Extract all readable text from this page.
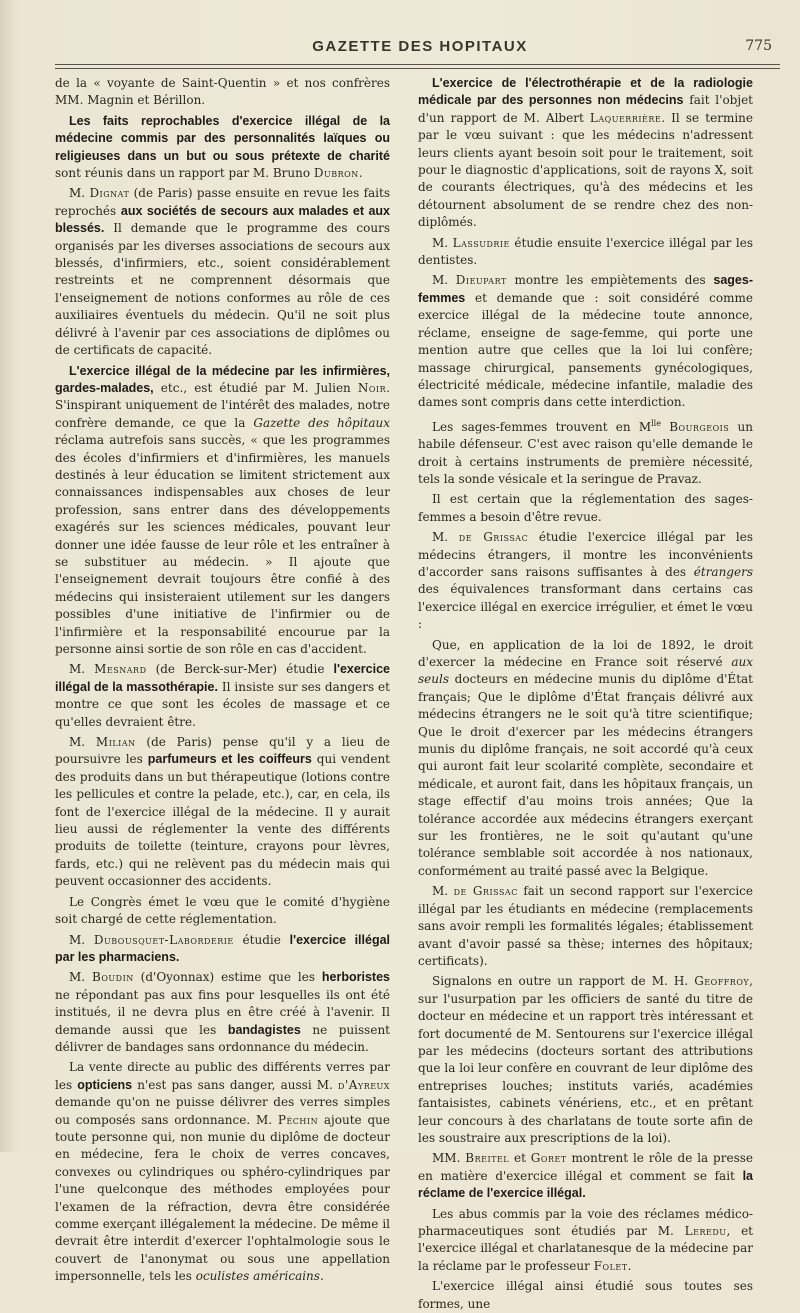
GAZETTE DES HOPITAUX	775

de la « voyante de Saint-Quentin » et nos confrères MM. Magnin et Bérillon.

Les faits reprochables d'exercice illégal de la médecine commis par des personnalités laïques ou religieuses dans un but ou sous prétexte de charité sont réunis dans un rapport par M. Bruno Dubron.

M. Dignat (de Paris) passe ensuite en revue les faits reprochés aux sociétés de secours aux malades et aux blessés. Il demande que le programme des cours organisés par les diverses associations de secours aux blessés, d'infirmiers, etc., soient considérablement restreints et ne comprennent désormais que l'enseignement de notions conformes au rôle de ces auxiliaires éventuels du médecin. Qu'il ne soit plus délivré à l'avenir par ces associations de diplômes ou de certificats de capacité.

L'exercice illégal de la médecine par les infirmières, gardes-malades, etc., est étudié par M. Julien Noir. S'inspirant uniquement de l'intérêt des malades, notre confrère demande, ce que la Gazette des hôpitaux réclama autrefois sans succès, « que les programmes des écoles d'infirmiers et d'infirmières, les manuels destinés à leur éducation se limitent strictement aux connaissances indispensables aux choses de leur profession, sans entrer dans des développements exagérés sur les sciences médicales, pouvant leur donner une idée fausse de leur rôle et les entraîner à se substituer au médecin. » Il ajoute que l'enseignement devrait toujours être confié à des médecins qui insisteraient utilement sur les dangers possibles d'une initiative de l'infirmier ou de l'infirmière et la responsabilité encourue par la personne ainsi sortie de son rôle en cas d'accident.

M. Mesnard (de Berck-sur-Mer) étudie l'exercice illégal de la massothérapie. Il insiste sur ses dangers et montre ce que sont les écoles de massage et ce qu'elles devraient être.

M. Milian (de Paris) pense qu'il y a lieu de poursuivre les parfumeurs et les coiffeurs qui vendent des produits dans un but thérapeutique (lotions contre les pellicules et contre la pelade, etc.), car, en cela, ils font de l'exercice illégal de la médecine. Il y aurait lieu aussi de réglementer la vente des différents produits de toilette (teinture, crayons pour lèvres, fards, etc.) qui ne relèvent pas du médecin mais qui peuvent occasionner des accidents.

Le Congrès émet le vœu que le comité d'hygiène soit chargé de cette réglementation.

M. Dubousquet-Laborderie étudie l'exercice illégal par les pharmaciens.

M. Boudin (d'Oyonnax) estime que les herboristes ne répondant pas aux fins pour lesquelles ils ont été institués, il ne devra plus en être créé à l'avenir. Il demande aussi que les bandagistes ne puissent délivrer de bandages sans ordonnance du médecin.

La vente directe au public des différents verres par les opticiens n'est pas sans danger, aussi M. d'Ayreux demande qu'on ne puisse délivrer des verres simples ou composés sans ordonnance. M. Péchin ajoute que toute personne qui, non munie du diplôme de docteur en médecine, fera le choix de verres concaves, convexes ou cylindriques ou sphéro-cylindriques par l'une quelconque des méthodes employées pour l'examen de la réfraction, devra être considérée comme exerçant illégalement la médecine. De même il devrait être interdit d'exercer l'ophtalmologie sous le couvert de l'anonymat ou sous une appellation impersonnelle, tels les oculistes américains.

L'exercice de l'électrothérapie et de la radiologie médicale par des personnes non médecins fait l'objet d'un rapport de M. Albert Laquerrière. Il se termine par le vœu suivant : que les médecins n'adressent leurs clients ayant besoin soit pour le traitement, soit pour le diagnostic d'applications, soit de rayons X, soit de courants électriques, qu'à des médecins et les détournent absolument de se rendre chez des non-diplômés.

M. Lassudrie étudie ensuite l'exercice illégal par les dentistes.

M. Dieupart montre les empiètements des sages-femmes et demande que : soit considéré comme exercice illégal de la médecine toute annonce, réclame, enseigne de sage-femme, qui porte une mention autre que celles que la loi lui confère; massage chirurgical, pansements gynécologiques, électricité médicale, médecine infantile, maladie des dames sont compris dans cette interdiction.

Les sages-femmes trouvent en $M^{lle}$ Bourgeois un habile défenseur. C'est avec raison qu'elle demande le droit à certains instruments de première nécessité, tels la sonde vésicale et la seringue de Pravaz.

Il est certain que la réglementation des sages-femmes a besoin d'être revue.

M. de Grissac étudie l'exercice illégal par les médecins étrangers, il montre les inconvénients d'accorder sans raisons suffisantes à des étrangers des équivalences transformant dans certains cas l'exercice illégal en exercice irrégulier, et émet le vœu :

Que, en application de la loi de 1892, le droit d'exercer la médecine en France soit réservé aux seuls docteurs en médecine munis du diplôme d'État français; Que le diplôme d'État français délivré aux médecins étrangers ne le soit qu'à titre scientifique; Que le droit d'exercer par les médecins étrangers munis du diplôme français, ne soit accordé qu'à ceux qui auront fait leur scolarité complète, secondaire et médicale, et auront fait, dans les hôpitaux français, un stage effectif d'au moins trois années; Que la tolérance accordée aux médecins étrangers exerçant sur les frontières, ne le soit qu'autant qu'une tolérance semblable soit accordée à nos nationaux, conformément au traité passé avec la Belgique.

M. de Grissac fait un second rapport sur l'exercice illégal par les étudiants en médecine (remplacements sans avoir rempli les formalités légales; établissement avant d'avoir passé sa thèse; internes des hôpitaux; certificats).

Signalons en outre un rapport de M. H. Geoffroy, sur l'usurpation par les officiers de santé du titre de docteur en médecine et un rapport très intéressant et fort documenté de M. Sentourens sur l'exercice illégal par les médecins (docteurs sortant des attributions que la loi leur confère en couvrant de leur diplôme des entreprises louches; instituts variés, académies fantaisistes, cabinets vénériens, etc., et en prêtant leur concours à des charlatans de toute sorte afin de les soustraire aux prescriptions de la loi).

MM. Breitel et Goret montrent le rôle de la presse en matière d'exercice illégal et comment se fait la réclame de l'exercice illégal.

Les abus commis par la voie des réclames médico-pharmaceutiques sont étudiés par M. Leredu, et l'exercice illégal et charlatanesque de la médecine par la réclame par le professeur Folet.

L'exercice illégal ainsi étudié sous toutes ses formes, une
